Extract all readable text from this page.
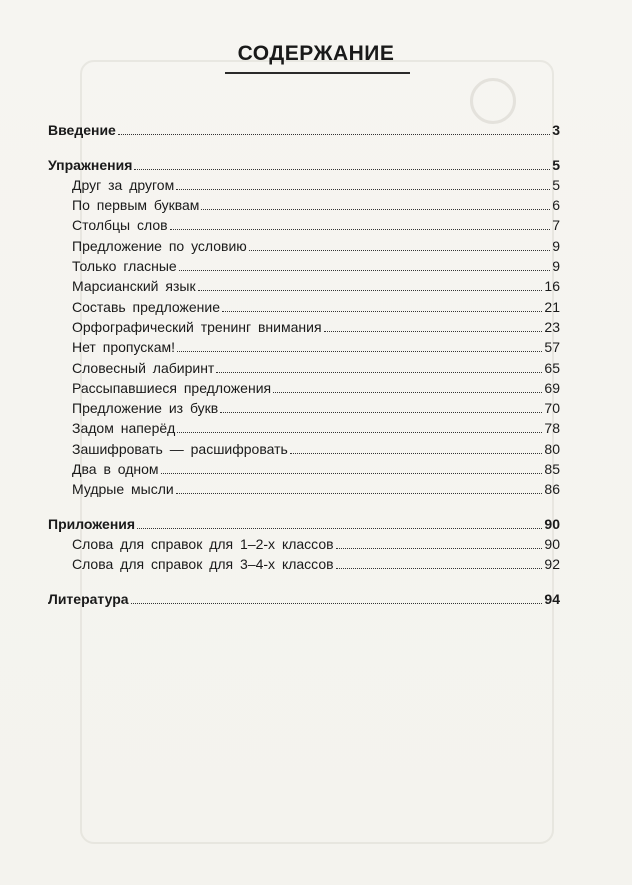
СОДЕРЖАНИЕ
Введение	3
Упражнения	5
Друг за другом	5
По первым буквам	6
Столбцы слов	7
Предложение по условию	9
Только гласные	9
Марсианский язык	16
Составь предложение	21
Орфографический тренинг внимания	23
Нет пропускам!	57
Словесный лабиринт	65
Рассыпавшиеся предложения	69
Предложение из букв	70
Задом наперёд	78
Зашифровать — расшифровать	80
Два в одном	85
Мудрые мысли	86
Приложения	90
Слова для справок для 1–2-х классов	90
Слова для справок для 3–4-х классов	92
Литература	94
